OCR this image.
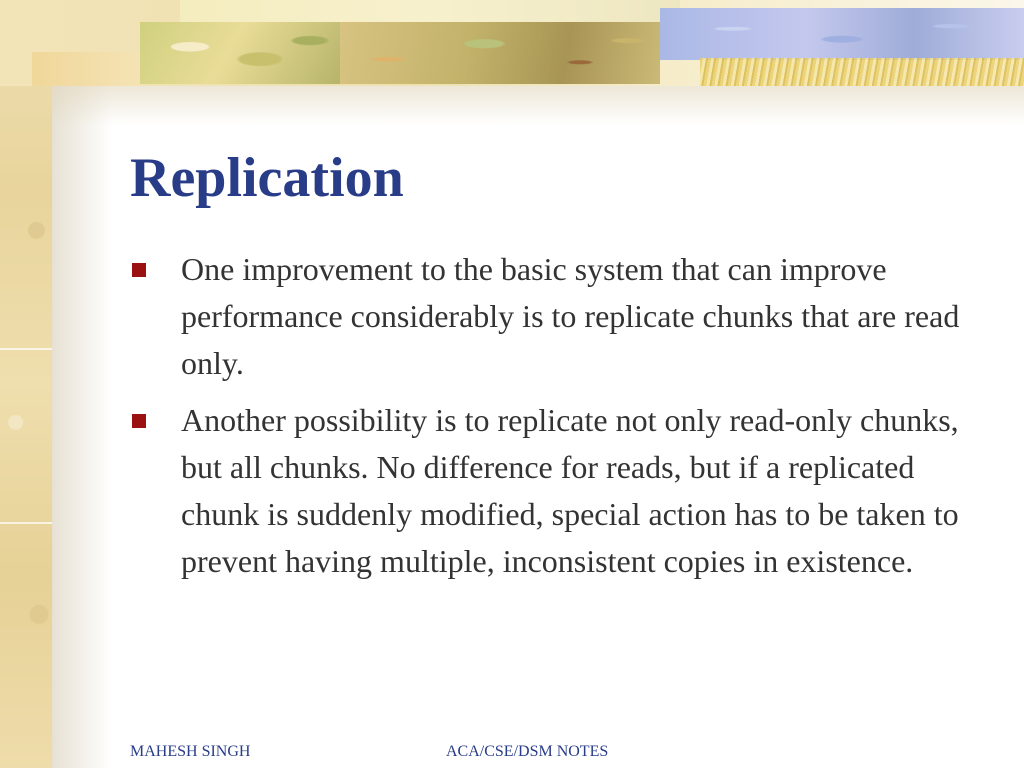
Replication
One improvement to the basic system that can improve performance considerably is to replicate chunks that are read only.
Another possibility is to replicate not only read-only chunks, but all chunks. No difference for reads, but if a replicated chunk is suddenly modified, special action has to be taken to prevent having multiple, inconsistent copies in existence.
MAHESH SINGH	ACA/CSE/DSM NOTES
